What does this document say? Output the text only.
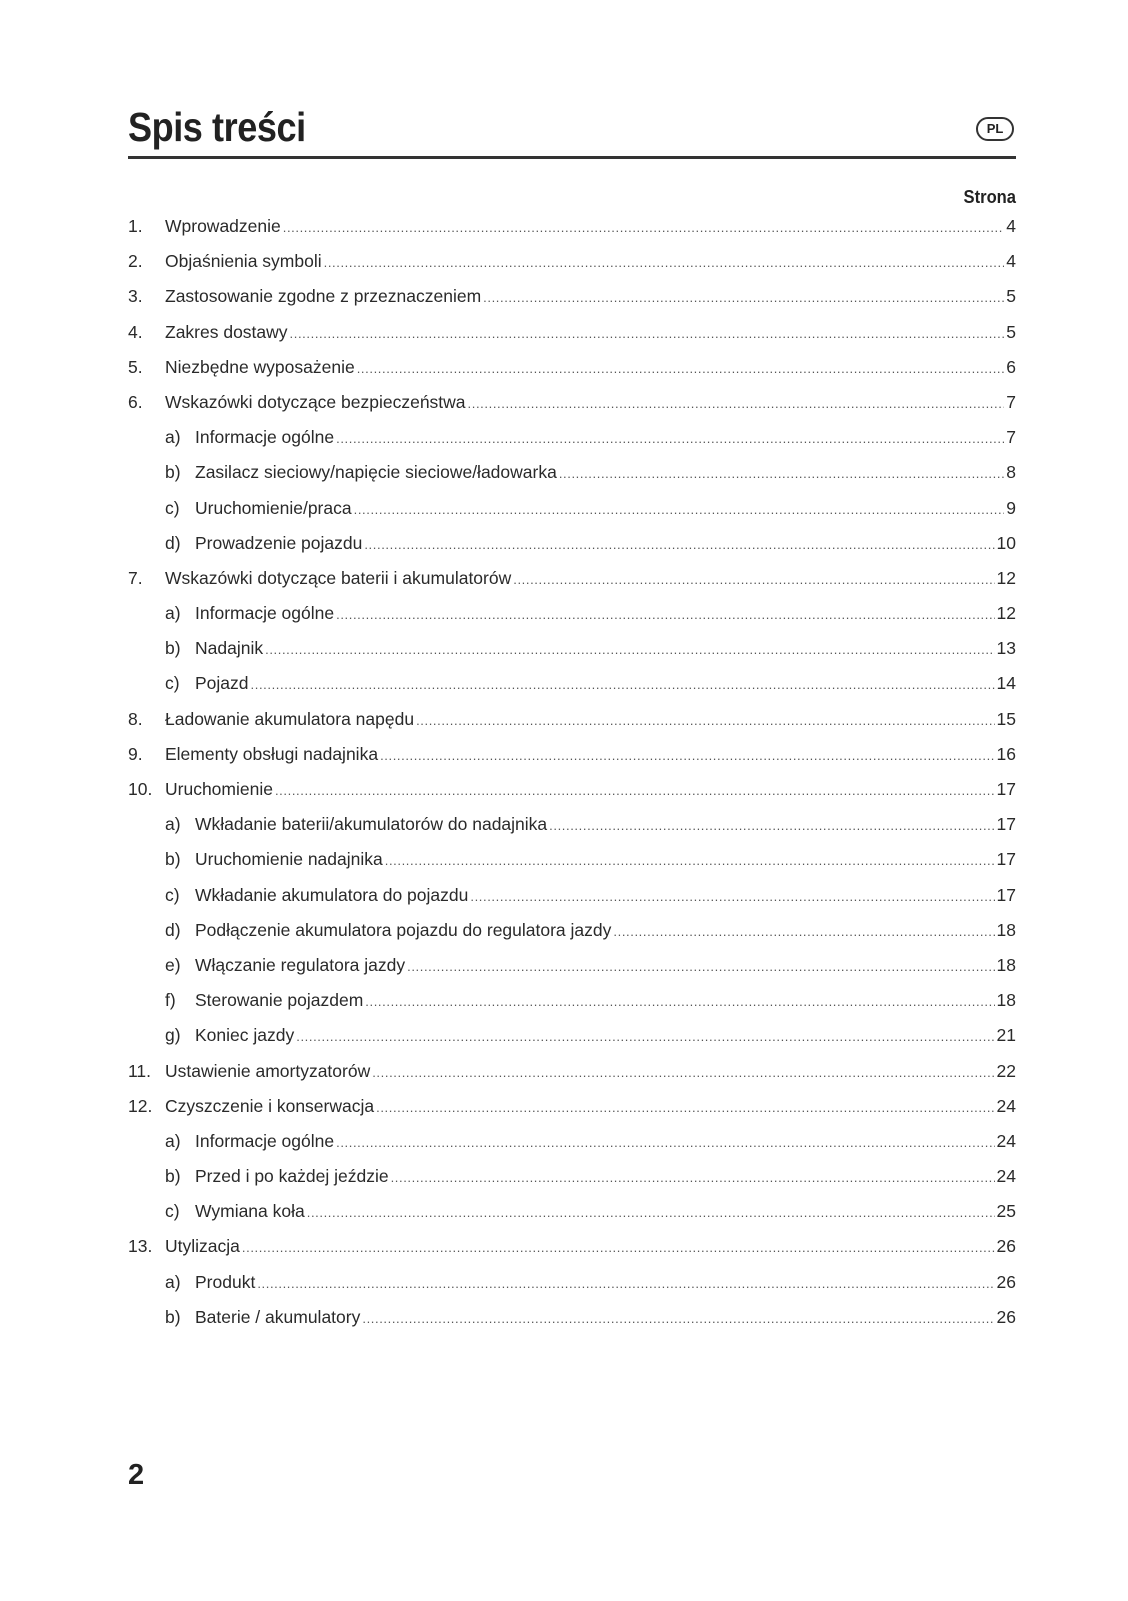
Spis treści	PL
Strona
1.	Wprowadzenie .....	4
2.	Objaśnienia symboli .....	4
3.	Zastosowanie zgodne z przeznaczeniem .....	5
4.	Zakres dostawy .....	5
5.	Niezbędne wyposażenie .....	6
6.	Wskazówki dotyczące bezpieczeństwa .....	7
a) Informacje ogólne .....	7
b) Zasilacz sieciowy/napięcie sieciowe/ładowarka .....	8
c) Uruchomienie/praca .....	9
d) Prowadzenie pojazdu .....	10
7.	Wskazówki dotyczące baterii i akumulatorów .....	12
a) Informacje ogólne .....	12
b) Nadajnik .....	13
c) Pojazd .....	14
8.	Ładowanie akumulatora napędu .....	15
9.	Elementy obsługi nadajnika .....	16
10. Uruchomienie .....	17
a) Wkładanie baterii/akumulatorów do nadajnika .....	17
b) Uruchomienie nadajnika .....	17
c) Wkładanie akumulatora do pojazdu .....	17
d) Podłączenie akumulatora pojazdu do regulatora jazdy .....	18
e) Włączanie regulatora jazdy .....	18
f)	Sterowanie pojazdem .....	18
g) Koniec jazdy .....	21
11. Ustawienie amortyzatorów .....	22
12. Czyszczenie i konserwacja .....	24
a) Informacje ogólne .....	24
b) Przed i po każdej jeździe .....	24
c) Wymiana koła .....	25
13. Utylizacja .....	26
a) Produkt .....	26
b) Baterie / akumulatory .....	26
2
